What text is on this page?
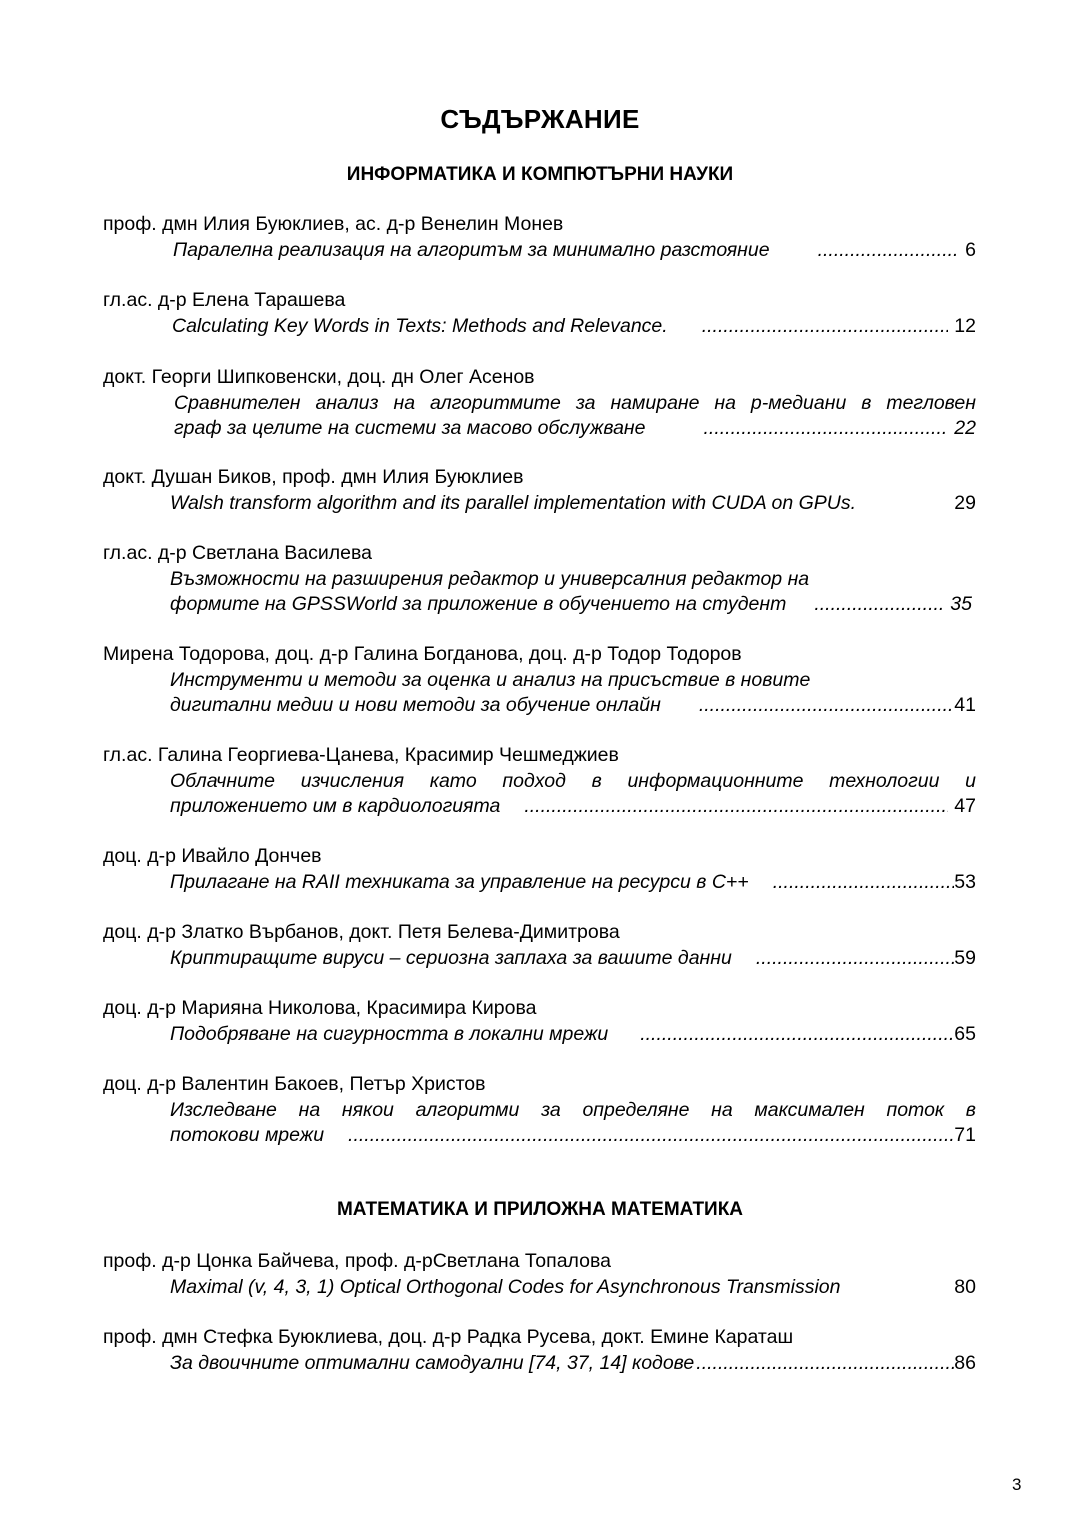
СЪДЪРЖАНИЕ
ИНФОРМАТИКА И КОМПЮТЪРНИ НАУКИ
проф. дмн Илия Буюклиев, ас. д-р Венелин Монев
Паралелна реализация на алгоритъм за минимално разстояние .....	6
гл.ас. д-р Елена Тарашева
Calculating Key Words in Texts: Methods and Relevance. .....	12
докт. Георги Шипковенски, доц. дн Олег Асенов
Сравнителен анализ на алгоритмите за намиране на p-медиани в тегловен
граф за целите на системи за масово обслужване .....	22
докт. Душан Биков, проф. дмн Илия Буюклиев
Walsh transform algorithm and its parallel implementation with CUDA on GPUs.	29
гл.ас. д-р Светлана Василева
Възможности на разширения редактор и универсалния редактор на
формите на GPSSWorld за приложение в обучението на студент .....	35
Мирена Тодорова, доц. д-р Галина Богданова, доц. д-р Тодор Тодоров
Инструменти и методи за оценка и анализ на присъствие в новите
дигитални медии и нови методи за обучение онлайн .....	41
гл.ас. Галина Георгиева-Цанева, Красимир Чешмеджиев
Облачните изчисления като подход в информационните технологии и
приложението им в кардиологията .....	47
доц. д-р Ивайло Дончев
Прилагане на RAII техниката за управление на ресурси в C++ .....	53
доц. д-р Златко Върбанов, докт. Петя Белева-Димитрова
Криптиращите вируси – сериозна заплаха за вашите данни .....	59
доц. д-р Марияна Николова, Красимира Кирова
Подобряване на сигурността в локални мрежи .....	65
доц. д-р Валентин Бакоев, Петър Христов
Изследване на някои алгоритми за определяне на максимален поток в
потокови мрежи .....	71
МАТЕМАТИКА И ПРИЛОЖНА МАТЕМАТИКА
проф. д-р Цонка Байчева, проф. д-рСветлана Топалова
Maximal (v, 4, 3, 1) Optical Orthogonal Codes for Asynchronous Transmission	80
проф. дмн Стефка Буюклиева, доц. д-р Радка Русева, докт. Емине Караташ
За двоичните оптимални самодуални [74, 37, 14] кодове .....	86
3
